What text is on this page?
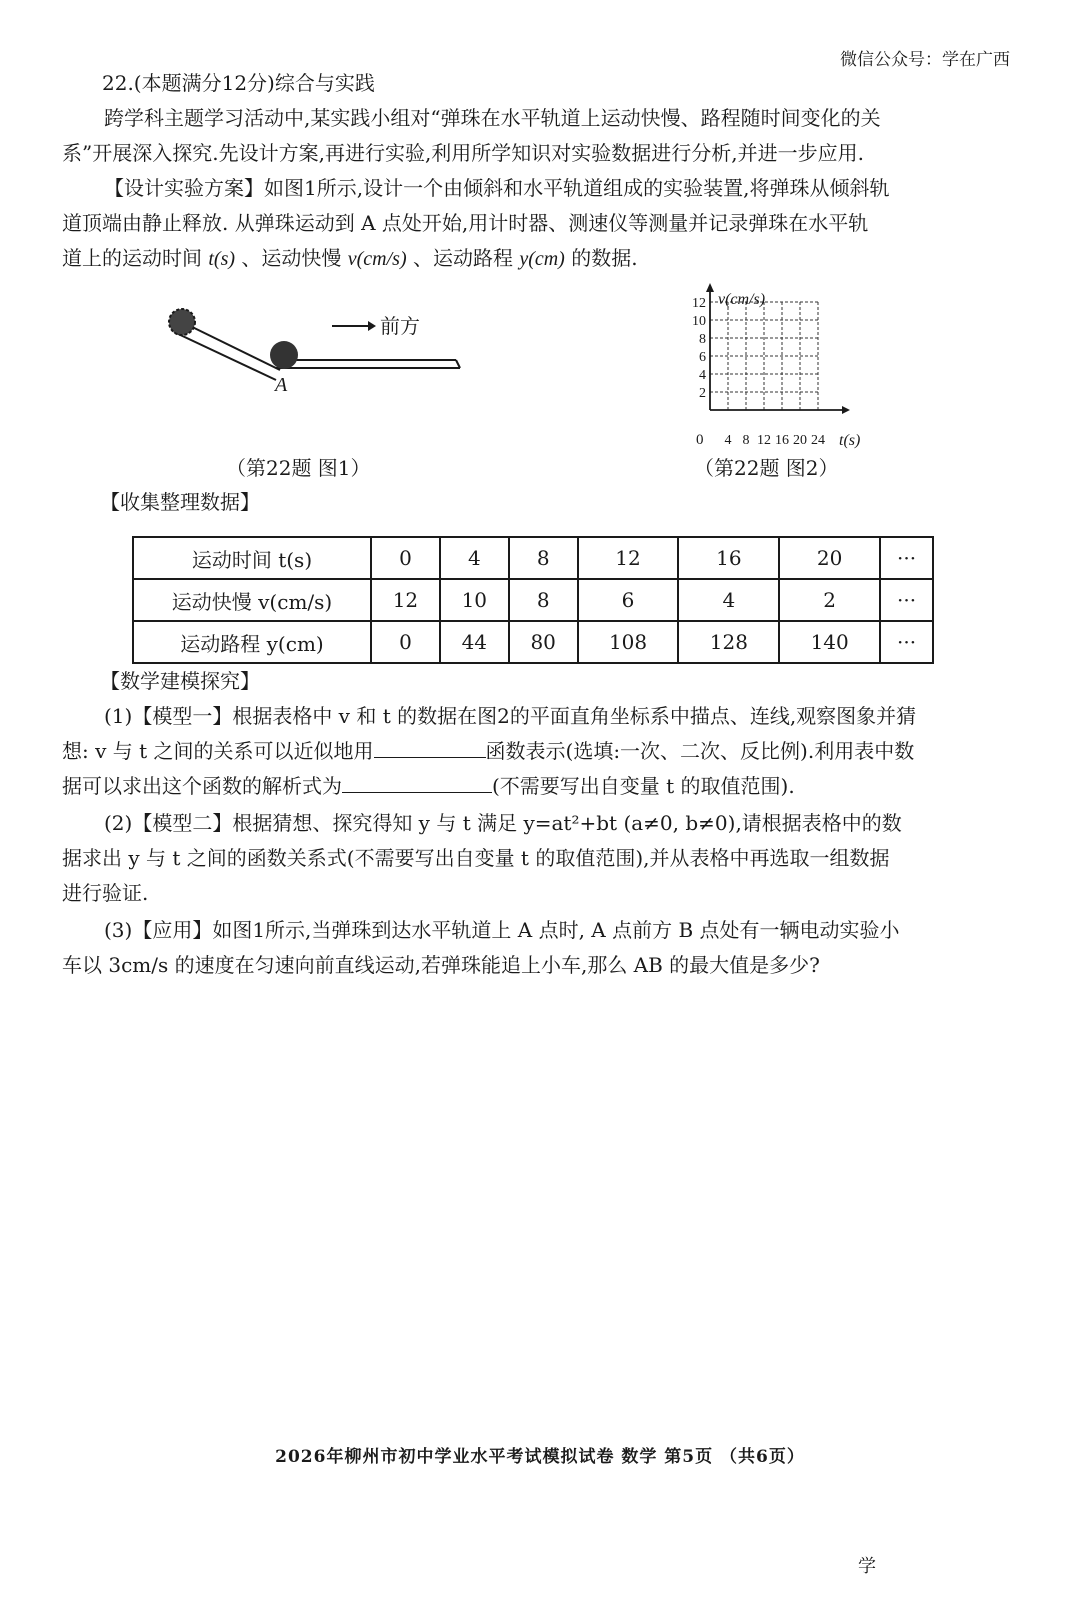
微信公众号：学在广西
22.(本题满分12分)综合与实践
跨学科主题学习活动中,某实践小组对“弹珠在水平轨道上运动快慢、路程随时间变化的关
系”开展深入探究.先设计方案,再进行实验,利用所学知识对实验数据进行分析,并进一步应用.
【设计实验方案】如图1所示,设计一个由倾斜和水平轨道组成的实验装置,将弹珠从倾斜轨
道顶端由静止释放. 从弹珠运动到 A 点处开始,用计时器、测速仪等测量并记录弹珠在水平轨
道上的运动时间 t(s) 、运动快慢 v(cm/s) 、运动路程 y(cm) 的数据.
前方
A
（第22题 图1）
v(cm/s)
t(s)
0
2
4
6
8
10
12
4 8 12 16 20 24
（第22题 图2）
【收集整理数据】
运动时间 t(s)	0	4	8	12	16	20	···
运动快慢 v(cm/s)	12	10	8	6	4	2	···
运动路程 y(cm)	0	44	80	108	128	140	···
【数学建模探究】
(1)【模型一】根据表格中 v 和 t 的数据在图2的平面直角坐标系中描点、连线,观察图象并猜
想: v 与 t 之间的关系可以近似地用	函数表示(选填:一次、二次、反比例).利用表中数
据可以求出这个函数的解析式为	(不需要写出自变量 t 的取值范围).
(2)【模型二】根据猜想、探究得知 y 与 t 满足 y=at²+bt (a≠0, b≠0),请根据表格中的数
据求出 y 与 t 之间的函数关系式(不需要写出自变量 t 的取值范围),并从表格中再选取一组数据
进行验证.
(3)【应用】如图1所示,当弹珠到达水平轨道上 A 点时, A 点前方 B 点处有一辆电动实验小
车以 3cm/s 的速度在匀速向前直线运动,若弹珠能追上小车,那么 AB 的最大值是多少?
2026年柳州市初中学业水平考试模拟试卷 数学 第5页 （共6页）
学
